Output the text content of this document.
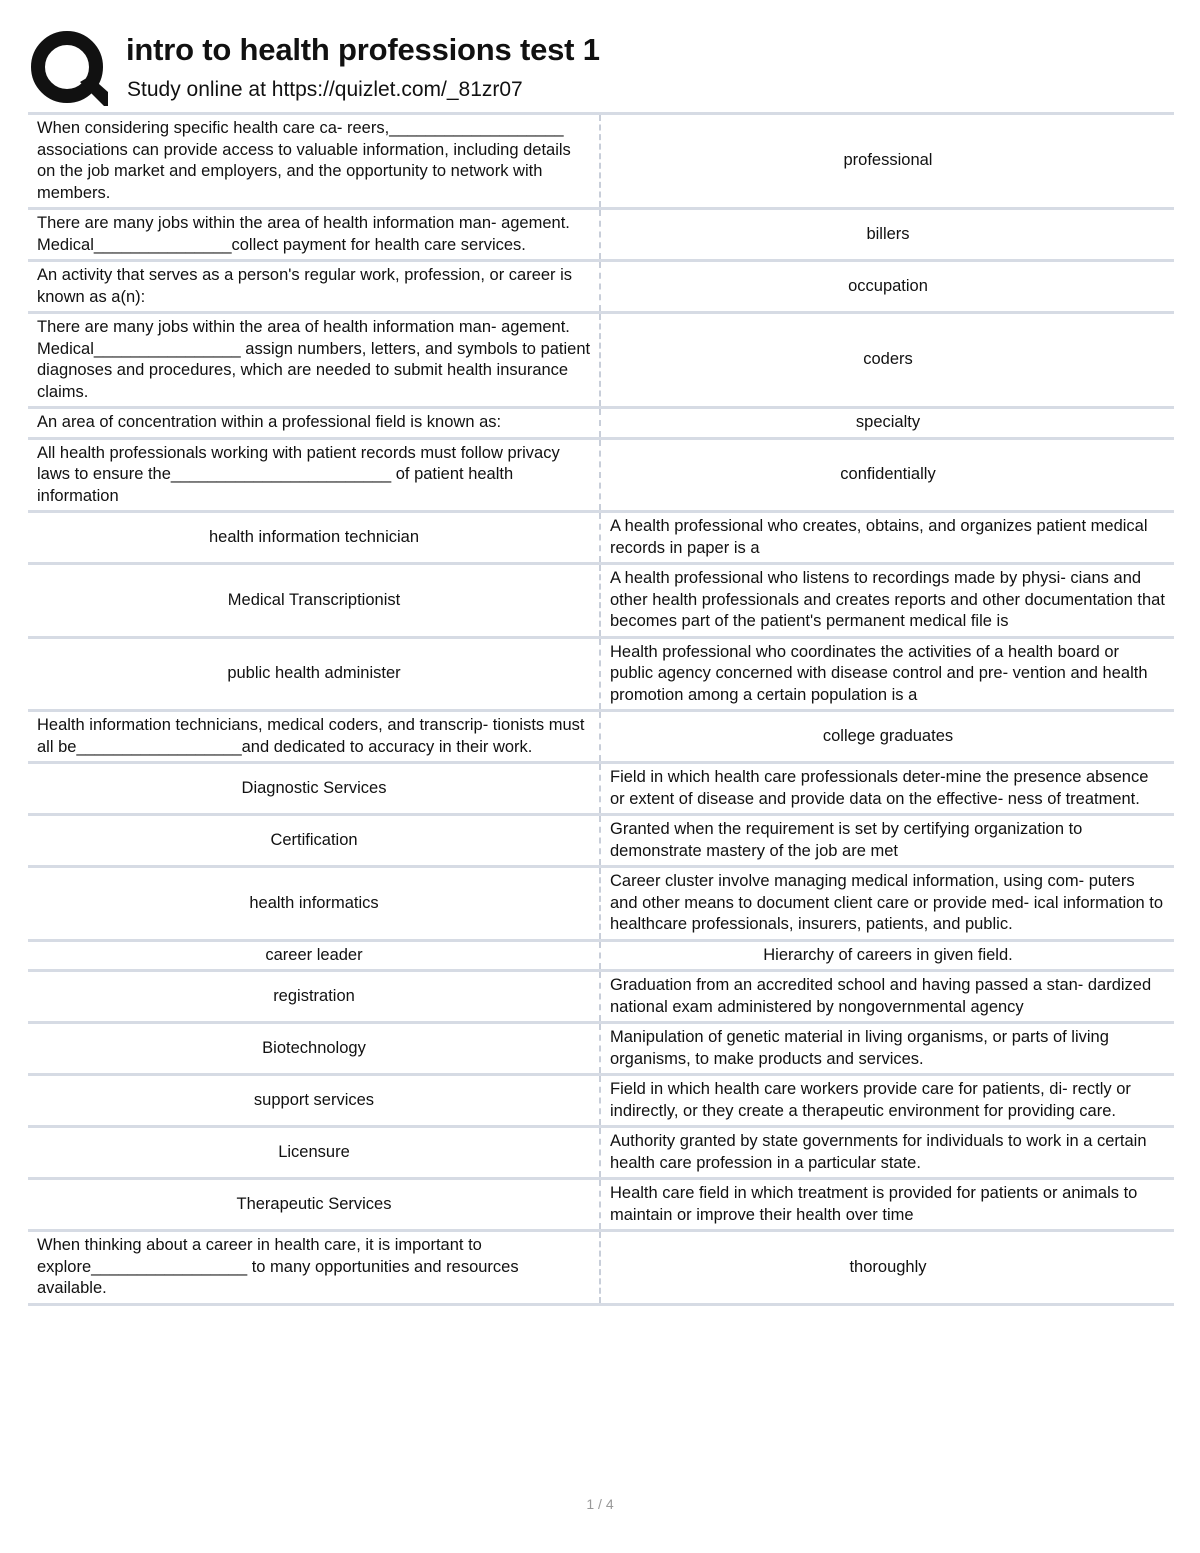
intro to health professions test 1
Study online at https://quizlet.com/_81zr07
When considering specific health care ca- reers,___________________ associations can provide access to valuable information, including details on the job market and employers, and the opportunity to network with members.
professional
There are many jobs within the area of health information man- agement. Medical_______________collect payment for health care services.
billers
An activity that serves as a person's regular work, profession, or career is known as a(n):
occupation
There are many jobs within the area of health information man- agement. Medical________________ assign numbers, letters, and symbols to patient diagnoses and procedures, which are needed to submit health insurance claims.
coders
An area of concentration within a professional field is known as:	specialty
All health professionals working with patient records must follow privacy laws to ensure the________________________ of patient health information
confidentially
health information technician
A health professional who creates, obtains, and organizes patient medical records in paper is a
Medical Transcriptionist
A health professional who listens to recordings made by physi- cians and other health professionals and creates reports and other documentation that becomes part of the patient's permanent medical file is
public health administer
Health professional who coordinates the activities of a health board or public agency concerned with disease control and pre- vention and health promotion among a certain population is a
Health information technicians, medical coders, and transcrip- tionists must all be__________________and dedicated to accuracy in their work.
college graduates
Diagnostic Services
Field in which health care professionals deter-mine the presence absence or extent of disease and provide data on the effective- ness of treatment.
Certification
Granted when the requirement is set by certifying organization to demonstrate mastery of the job are met
health informatics
Career cluster involve managing medical information, using com- puters and other means to document client care or provide med- ical information to healthcare professionals, insurers, patients, and public.
career leader	Hierarchy of careers in given field.
registration
Graduation from an accredited school and having passed a stan- dardized national exam administered by nongovernmental agency
Biotechnology
Manipulation of genetic material in living organisms, or parts of living organisms, to make products and services.
support services
Field in which health care workers provide care for patients, di- rectly or indirectly, or they create a therapeutic environment for providing care.
Licensure
Authority granted by state governments for individuals to work in a certain health care profession in a particular state.
Therapeutic Services
Health care field in which treatment is provided for patients or animals to maintain or improve their health over time
When thinking about a career in health care, it is important to explore_________________ to many opportunities and resources available.
thoroughly
1 / 4
